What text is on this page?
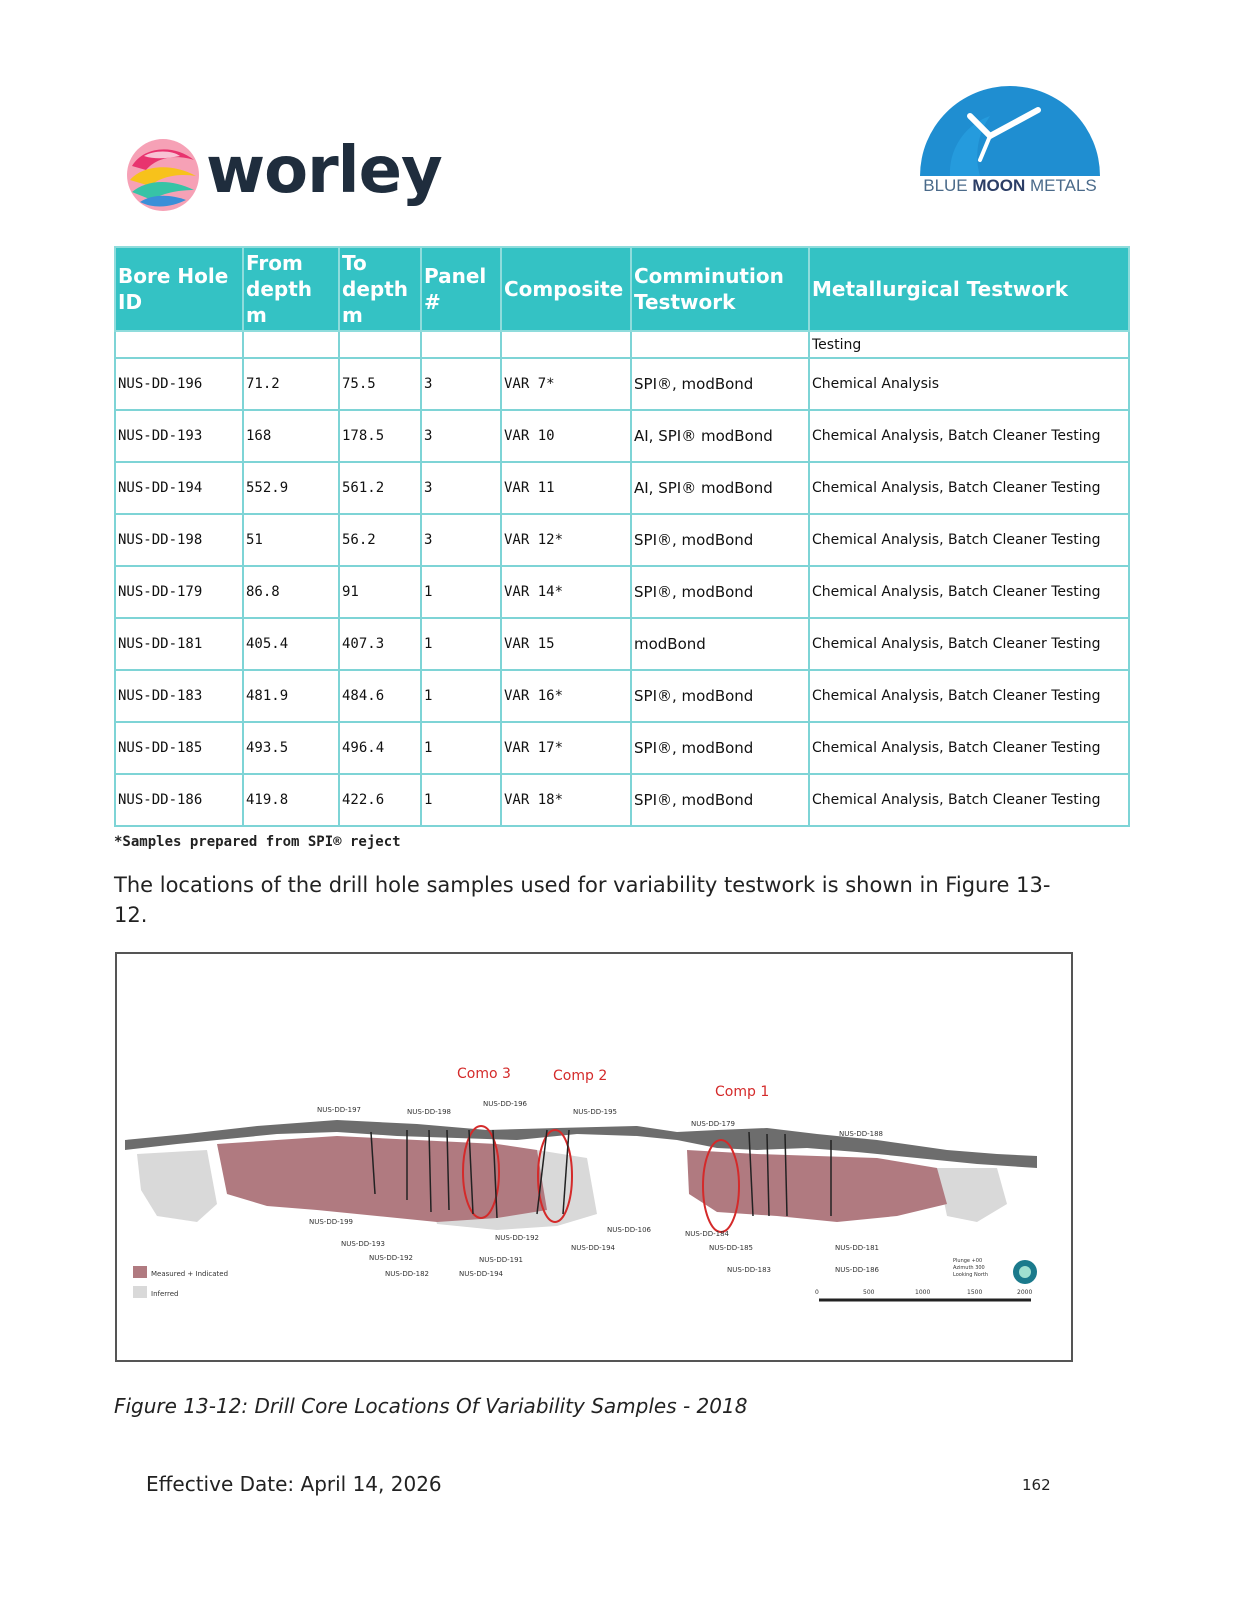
worley	BLUE MOON METALS
Bore Hole ID	From depth m	To depth m	Panel #	Composite	Comminution Testwork	Metallurgical Testwork
						Testing
NUS-DD-196	71.2	75.5	3	VAR 7*	SPI®, modBond	Chemical Analysis
NUS-DD-193	168	178.5	3	VAR 10	AI, SPI® modBond	Chemical Analysis, Batch Cleaner Testing
NUS-DD-194	552.9	561.2	3	VAR 11	AI, SPI® modBond	Chemical Analysis, Batch Cleaner Testing
NUS-DD-198	51	56.2	3	VAR 12*	SPI®, modBond	Chemical Analysis, Batch Cleaner Testing
NUS-DD-179	86.8	91	1	VAR 14*	SPI®, modBond	Chemical Analysis, Batch Cleaner Testing
NUS-DD-181	405.4	407.3	1	VAR 15	modBond	Chemical Analysis, Batch Cleaner Testing
NUS-DD-183	481.9	484.6	1	VAR 16*	SPI®, modBond	Chemical Analysis, Batch Cleaner Testing
NUS-DD-185	493.5	496.4	1	VAR 17*	SPI®, modBond	Chemical Analysis, Batch Cleaner Testing
NUS-DD-186	419.8	422.6	1	VAR 18*	SPI®, modBond	Chemical Analysis, Batch Cleaner Testing
*Samples prepared from SPI® reject
The locations of the drill hole samples used for variability testwork is shown in Figure 13-12.
Como 3	Comp 2
Comp 1
NUS-DD-197	NUS-DD-198
NUS-DD-196
NUS-DD-195
NUS-DD-179
NUS-DD-188
NUS-DD-199
NUS-DD-193
NUS-DD-192
NUS-DD-182
NUS-DD-191
NUS-DD-194
NUS-DD-192
NUS-DD-194
NUS-DD-106	NUS-DD-184
NUS-DD-185
NUS-DD-183
NUS-DD-181
NUS-DD-186
Measured + Indicated
Inferred
Plunge +00
Azimuth 300
Looking North
0	500	1000	1500	2000
Figure 13-12: Drill Core Locations Of Variability Samples - 2018
Effective Date: April 14, 2026	162
